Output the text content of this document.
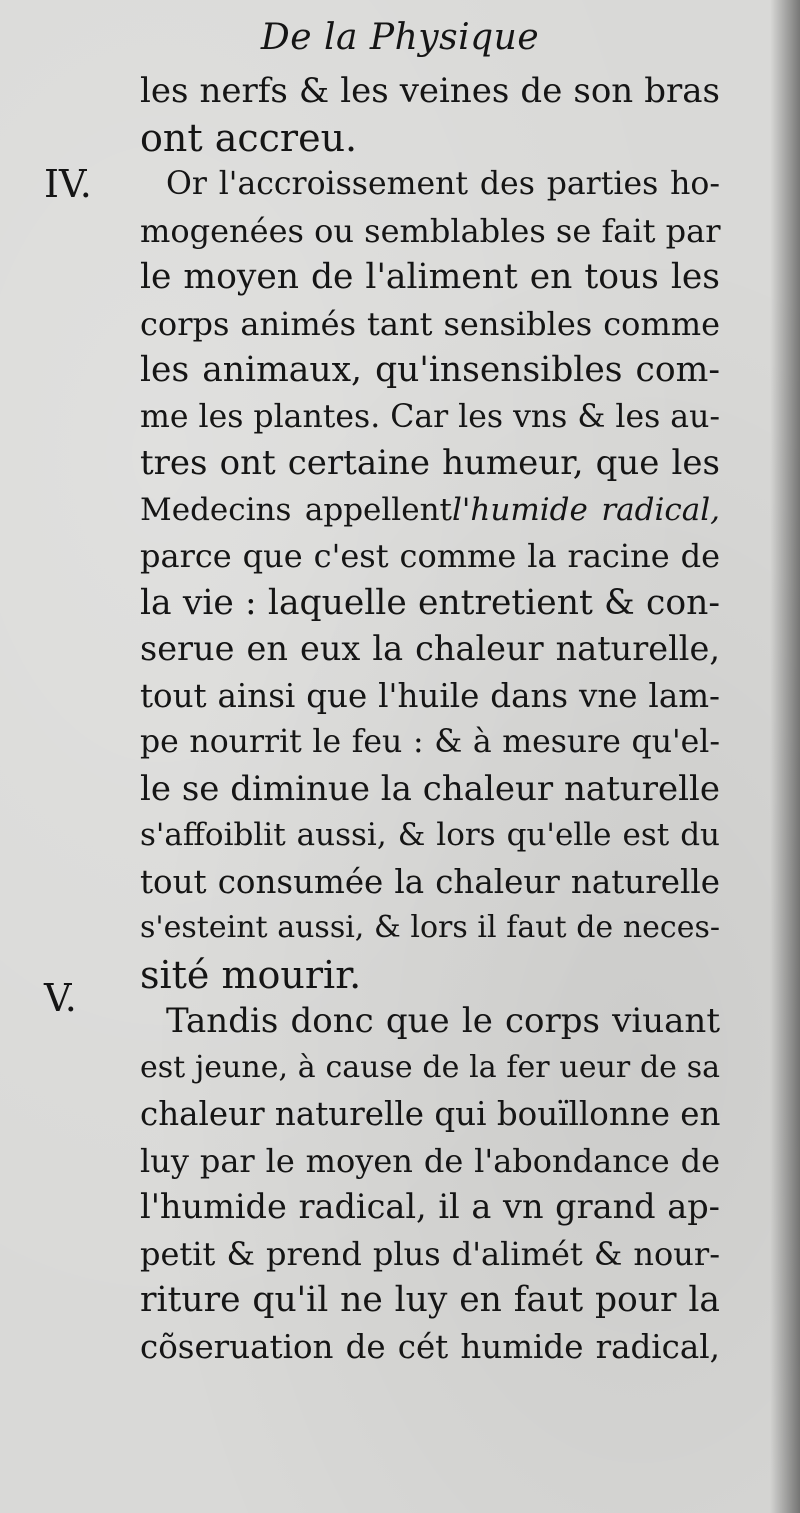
De la Physique
IV.
V.
les nerfs & les veines de son bras
ont accreu.
Or l'accroissement des parties ho-
mogenées ou semblables se fait par
le moyen de l'aliment en tous les
corps animés tant sensibles comme
les animaux, qu'insensibles com-
me les plantes. Car les vns & les au-
tres ont certaine humeur, que les
Medecins appellentl'humide radical,
parce que c'est comme la racine de
la vie : laquelle entretient & con-
serue en eux la chaleur naturelle,
tout ainsi que l'huile dans vne lam-
pe nourrit le feu : & à mesure qu'el-
le se diminue la chaleur naturelle
s'affoiblit aussi, & lors qu'elle est du
tout consumée la chaleur naturelle
s'esteint aussi, & lors il faut de neces-
sité mourir.
Tandis donc que le corps viuant
est jeune, à cause de la fer ueur de sa
chaleur naturelle qui bouïllonne en
luy par le moyen de l'abondance de
l'humide radical, il a vn grand ap-
petit & prend plus d'alimét & nour-
riture qu'il ne luy en faut pour la
cõseruation de cét humide radical,
